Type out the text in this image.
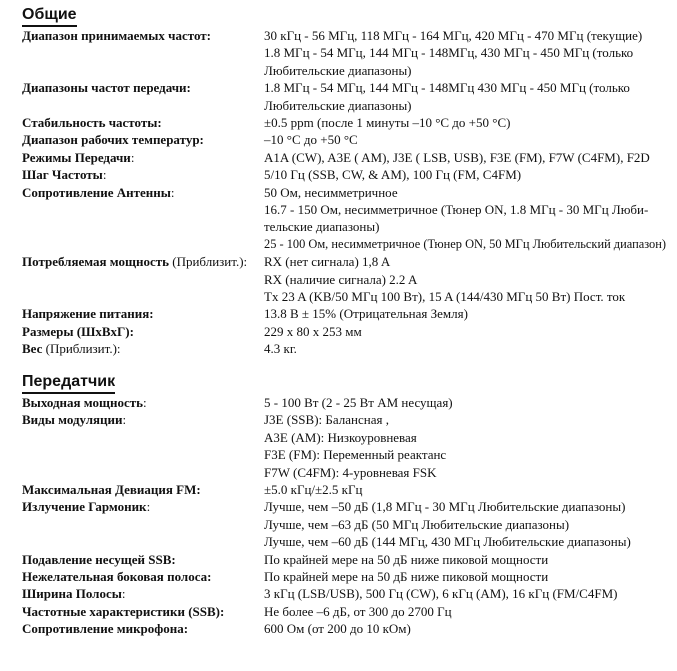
Общие
Диапазон принимаемых частот:	30 кГц - 56 МГц, 118 МГц - 164 МГц, 420 МГц - 470 МГц (текущие)
1.8 МГц - 54 МГц, 144 МГц - 148МГц, 430 МГц - 450 МГц (только
Любительские диапазоны)
Диапазоны частот передачи:	1.8 МГц - 54 МГц, 144 МГц - 148МГц 430 МГц - 450 МГц (только
Любительские диапазоны)
Стабильность частоты:	±0.5 ppm (после 1 минуты –10 °C до +50 °C)
Диапазон рабочих температур:	–10 °C до +50 °C
Режимы Передачи:	A1A (CW), A3E ( AM), J3E ( LSB, USB), F3E (FM), F7W (C4FM), F2D
Шаг Частоты:	5/10 Гц (SSB, CW, & AM), 100 Гц (FM, C4FM)
Сопротивление Антенны:	50 Ом, несимметричное
16.7 - 150 Ом, несимметричное (Тюнер ON, 1.8 МГц - 30 МГц Люби-
тельские диапазоны)
25 - 100 Ом, несимметричное (Тюнер ON, 50 МГц Любительский диапазон)
Потребляемая мощность (Приблизит.):	RX (нет сигнала) 1,8 A
RX (наличие сигнала) 2.2 A
Tx 23 A (KB/50 МГц 100 Вт), 15 A (144/430 МГц 50 Вт) Пост. ток
Напряжение питания:	13.8 В ± 15% (Отрицательная Земля)
Размеры (ШxВxГ):	229 x 80 x 253 мм
Вес (Приблизит.):	4.3 кг.
Передатчик
Выходная мощность:	5 - 100 Вт (2 - 25 Вт AM несущая)
Виды модуляции:	J3E (SSB): Балансная ,
A3E (AM): Низкоуровневая
F3E (FM): Переменный реактанс
F7W (C4FM): 4-уровневая FSK
Максимальная Девиация FM:	±5.0 кГц/±2.5 кГц
Излучение Гармоник:	Лучше, чем –50 дБ (1,8 МГц - 30 МГц Любительские диапазоны)
Лучше, чем –63 дБ (50 МГц Любительские диапазоны)
Лучше, чем –60 дБ (144 МГц, 430 МГц Любительские диапазоны)
Подавление несущей SSB:	По крайней мере на 50 дБ ниже пиковой мощности
Нежелательная боковая полоса:	По крайней мере на 50 дБ ниже пиковой мощности
Ширина Полосы:	3 кГц (LSB/USB), 500 Гц (CW), 6 кГц (AM), 16 кГц (FM/C4FM)
Частотные характеристики (SSB):	Не более –6 дБ, от 300 до 2700 Гц
Сопротивление микрофона:	600 Ом (от 200 до 10 кОм)
